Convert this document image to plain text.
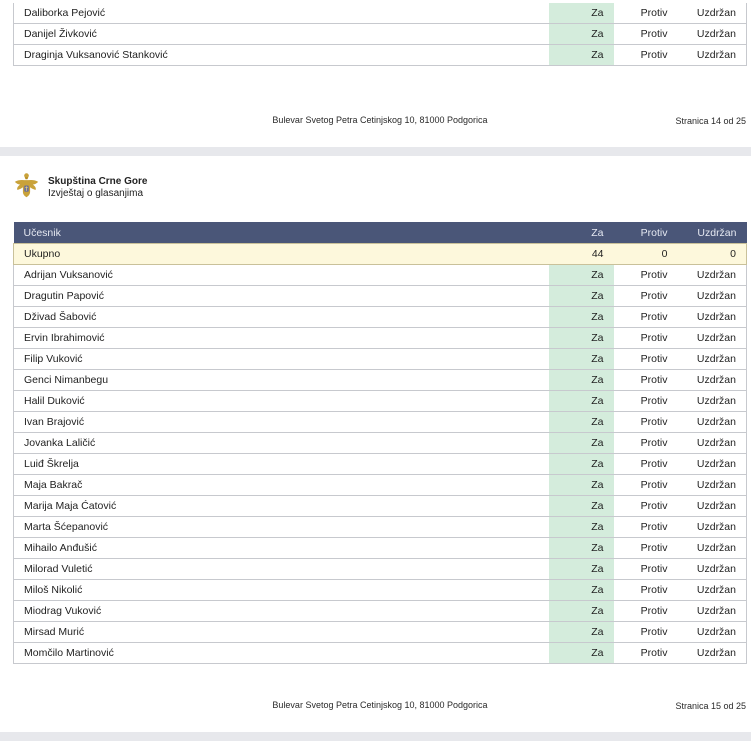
Daliborka Pejović	Za	Protiv	Uzdržan
Danijel Živković	Za	Protiv	Uzdržan
Draginja Vuksanović Stanković	Za	Protiv	Uzdržan
Bulevar Svetog Petra Cetinjskog 10, 81000 Podgorica	Stranica 14 od 25
Skupština Crne Gore
Izvještaj o glasanjima
Učesnik	Za	Protiv	Uzdržan
Ukupno	44	0	0
Adrijan Vuksanović	Za	Protiv	Uzdržan
Dragutin Papović	Za	Protiv	Uzdržan
Dživad Šabović	Za	Protiv	Uzdržan
Ervin Ibrahimović	Za	Protiv	Uzdržan
Filip Vuković	Za	Protiv	Uzdržan
Genci Nimanbegu	Za	Protiv	Uzdržan
Halil Duković	Za	Protiv	Uzdržan
Ivan Brajović	Za	Protiv	Uzdržan
Jovanka Laličić	Za	Protiv	Uzdržan
Luiđ Škrelja	Za	Protiv	Uzdržan
Maja Bakrač	Za	Protiv	Uzdržan
Marija Maja Ćatović	Za	Protiv	Uzdržan
Marta Šćepanović	Za	Protiv	Uzdržan
Mihailo Anđušić	Za	Protiv	Uzdržan
Milorad Vuletić	Za	Protiv	Uzdržan
Miloš Nikolić	Za	Protiv	Uzdržan
Miodrag Vuković	Za	Protiv	Uzdržan
Mirsad Murić	Za	Protiv	Uzdržan
Momčilo Martinović	Za	Protiv	Uzdržan
Bulevar Svetog Petra Cetinjskog 10, 81000 Podgorica	Stranica 15 od 25
